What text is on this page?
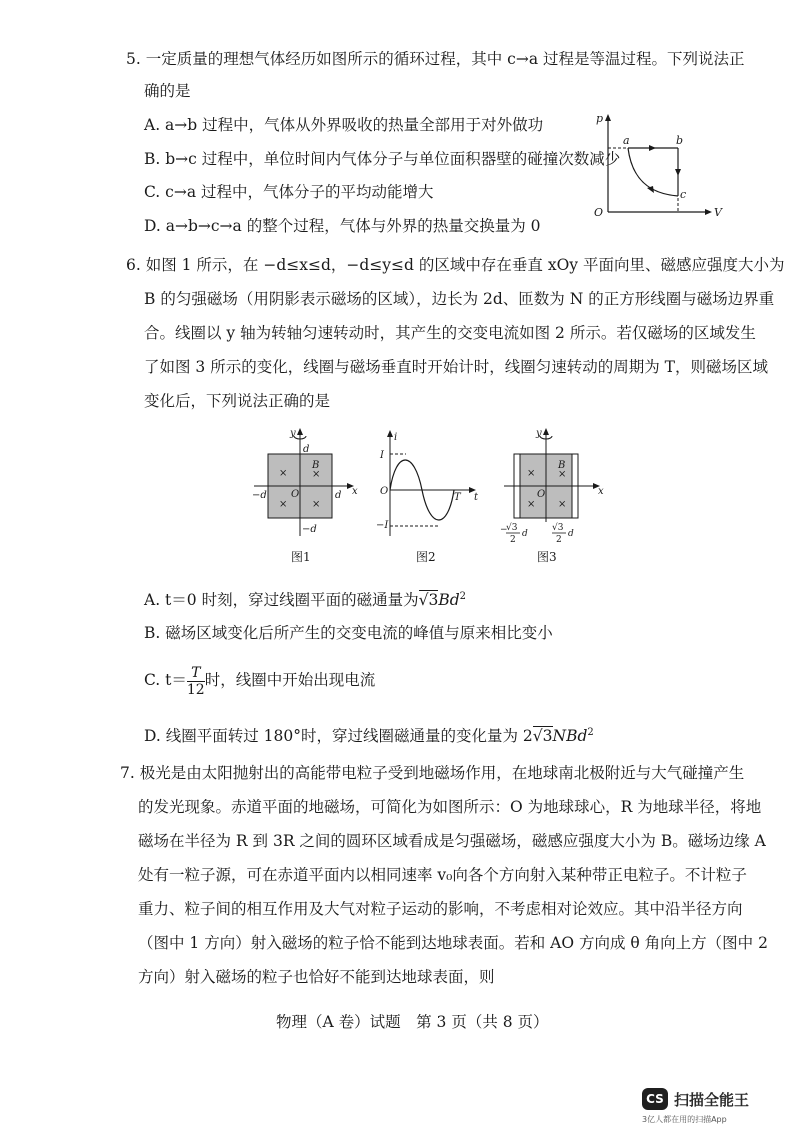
5. 一定质量的理想气体经历如图所示的循环过程，其中 c→a 过程是等温过程。下列说法正
确的是
A. a→b 过程中，气体从外界吸收的热量全部用于对外做功
B. b→c 过程中，单位时间内气体分子与单位面积器壁的碰撞次数减少
C. c→a 过程中，气体分子的平均动能增大
D. a→b→c→a 的整个过程，气体与外界的热量交换量为 0
p
V
O
a	b
c
6. 如图 1 所示，在 −d≤x≤d，−d≤y≤d 的区域中存在垂直 xOy 平面向里、磁感应强度大小为
B 的匀强磁场（用阴影表示磁场的区域），边长为 2d、匝数为 N 的正方形线圈与磁场边界重
合。线圈以 y 轴为转轴匀速转动时，其产生的交变电流如图 2 所示。若仅磁场的区域发生
了如图 3 所示的变化，线圈与磁场垂直时开始计时，线圈匀速转动的周期为 T，则磁场区域
变化后，下列说法正确的是
y
x
d
−d	d
−d
O
B
× ×
× ×
图1
i
t
I
−I
O
T
图2
y
x
O
B
× ×
× ×
−
√3
2
d
√3
2
d
图3
A. t＝0 时刻，穿过线圈平面的磁通量为√3Bd$^2$
B. 磁场区域变化后所产生的交变电流的峰值与原来相比变小
C. $t= \frac{T}{12}$ 时，线圈中开始出现电流
D. 线圈平面转过 180°时，穿过线圈磁通量的变化量为 2√3NBd$^2$
7. 极光是由太阳抛射出的高能带电粒子受到地磁场作用，在地球南北极附近与大气碰撞产生
的发光现象。赤道平面的地磁场，可简化为如图所示：O 为地球球心，R 为地球半径，将地
磁场在半径为 R 到 3R 之间的圆环区域看成是匀强磁场，磁感应强度大小为 B。磁场边缘 A
处有一粒子源，可在赤道平面内以相同速率 v₀向各个方向射入某种带正电粒子。不计粒子
重力、粒子间的相互作用及大气对粒子运动的影响，不考虑相对论效应。其中沿半径方向
（图中 1 方向）射入磁场的粒子恰不能到达地球表面。若和 AO 方向成 θ 角向上方（图中 2
方向）射入磁场的粒子也恰好不能到达地球表面，则
物理（A 卷）试题　第 3 页（共 8 页）
CS 扫描全能王
3亿人都在用的扫描App
